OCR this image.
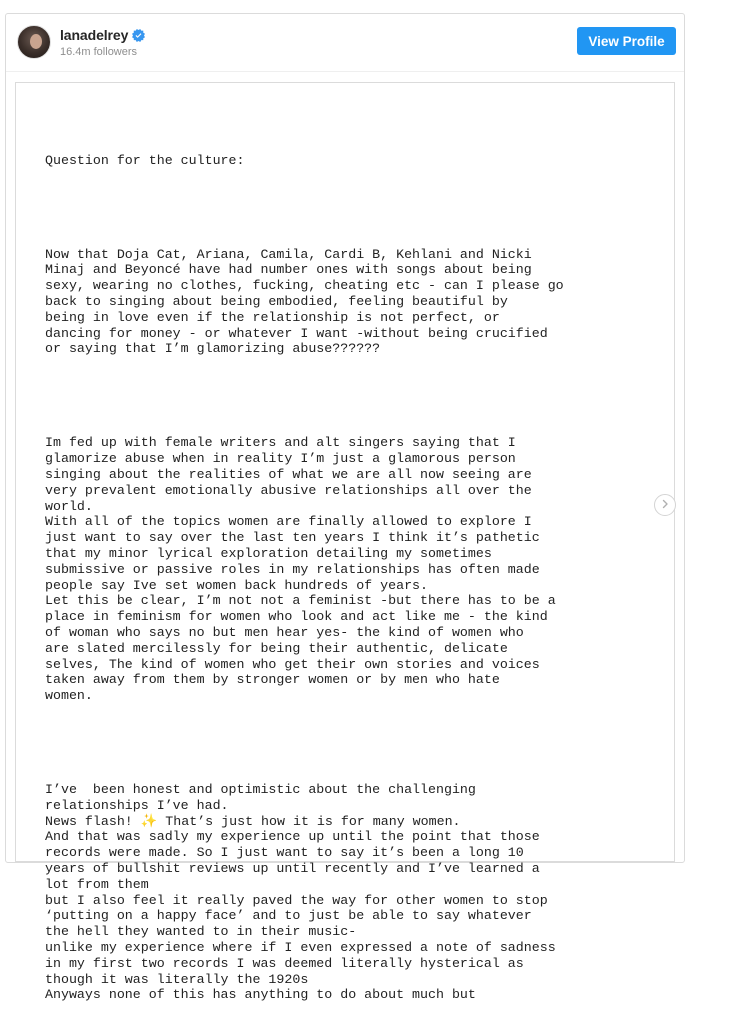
lanadelrey
16.4m followers
View Profile

Question for the culture:

Now that Doja Cat, Ariana, Camila, Cardi B, Kehlani and Nicki
Minaj and Beyoncé have had number ones with songs about being
sexy, wearing no clothes, fucking, cheating etc - can I please go
back to singing about being embodied, feeling beautiful by
being in love even if the relationship is not perfect, or
dancing for money - or whatever I want -without being crucified
or saying that I’m glamorizing abuse??????

Im fed up with female writers and alt singers saying that I
glamorize abuse when in reality I’m just a glamorous person
singing about the realities of what we are all now seeing are
very prevalent emotionally abusive relationships all over the
world.
With all of the topics women are finally allowed to explore I
just want to say over the last ten years I think it’s pathetic
that my minor lyrical exploration detailing my sometimes
submissive or passive roles in my relationships has often made
people say Ive set women back hundreds of years.
Let this be clear, I’m not not a feminist -but there has to be a
place in feminism for women who look and act like me - the kind
of woman who says no but men hear yes- the kind of women who
are slated mercilessly for being their authentic, delicate
selves, The kind of women who get their own stories and voices
taken away from them by stronger women or by men who hate
women.

I’ve  been honest and optimistic about the challenging
relationships I’ve had.
News flash! ✨ That’s just how it is for many women.
And that was sadly my experience up until the point that those
records were made. So I just want to say it’s been a long 10
years of bullshit reviews up until recently and I’ve learned a
lot from them
but I also feel it really paved the way for other women to stop
‘putting on a happy face’ and to just be able to say whatever
the hell they wanted to in their music-
unlike my experience where if I even expressed a note of sadness
in my first two records I was deemed literally hysterical as
though it was literally the 1920s
Anyways none of this has anything to do about much but
